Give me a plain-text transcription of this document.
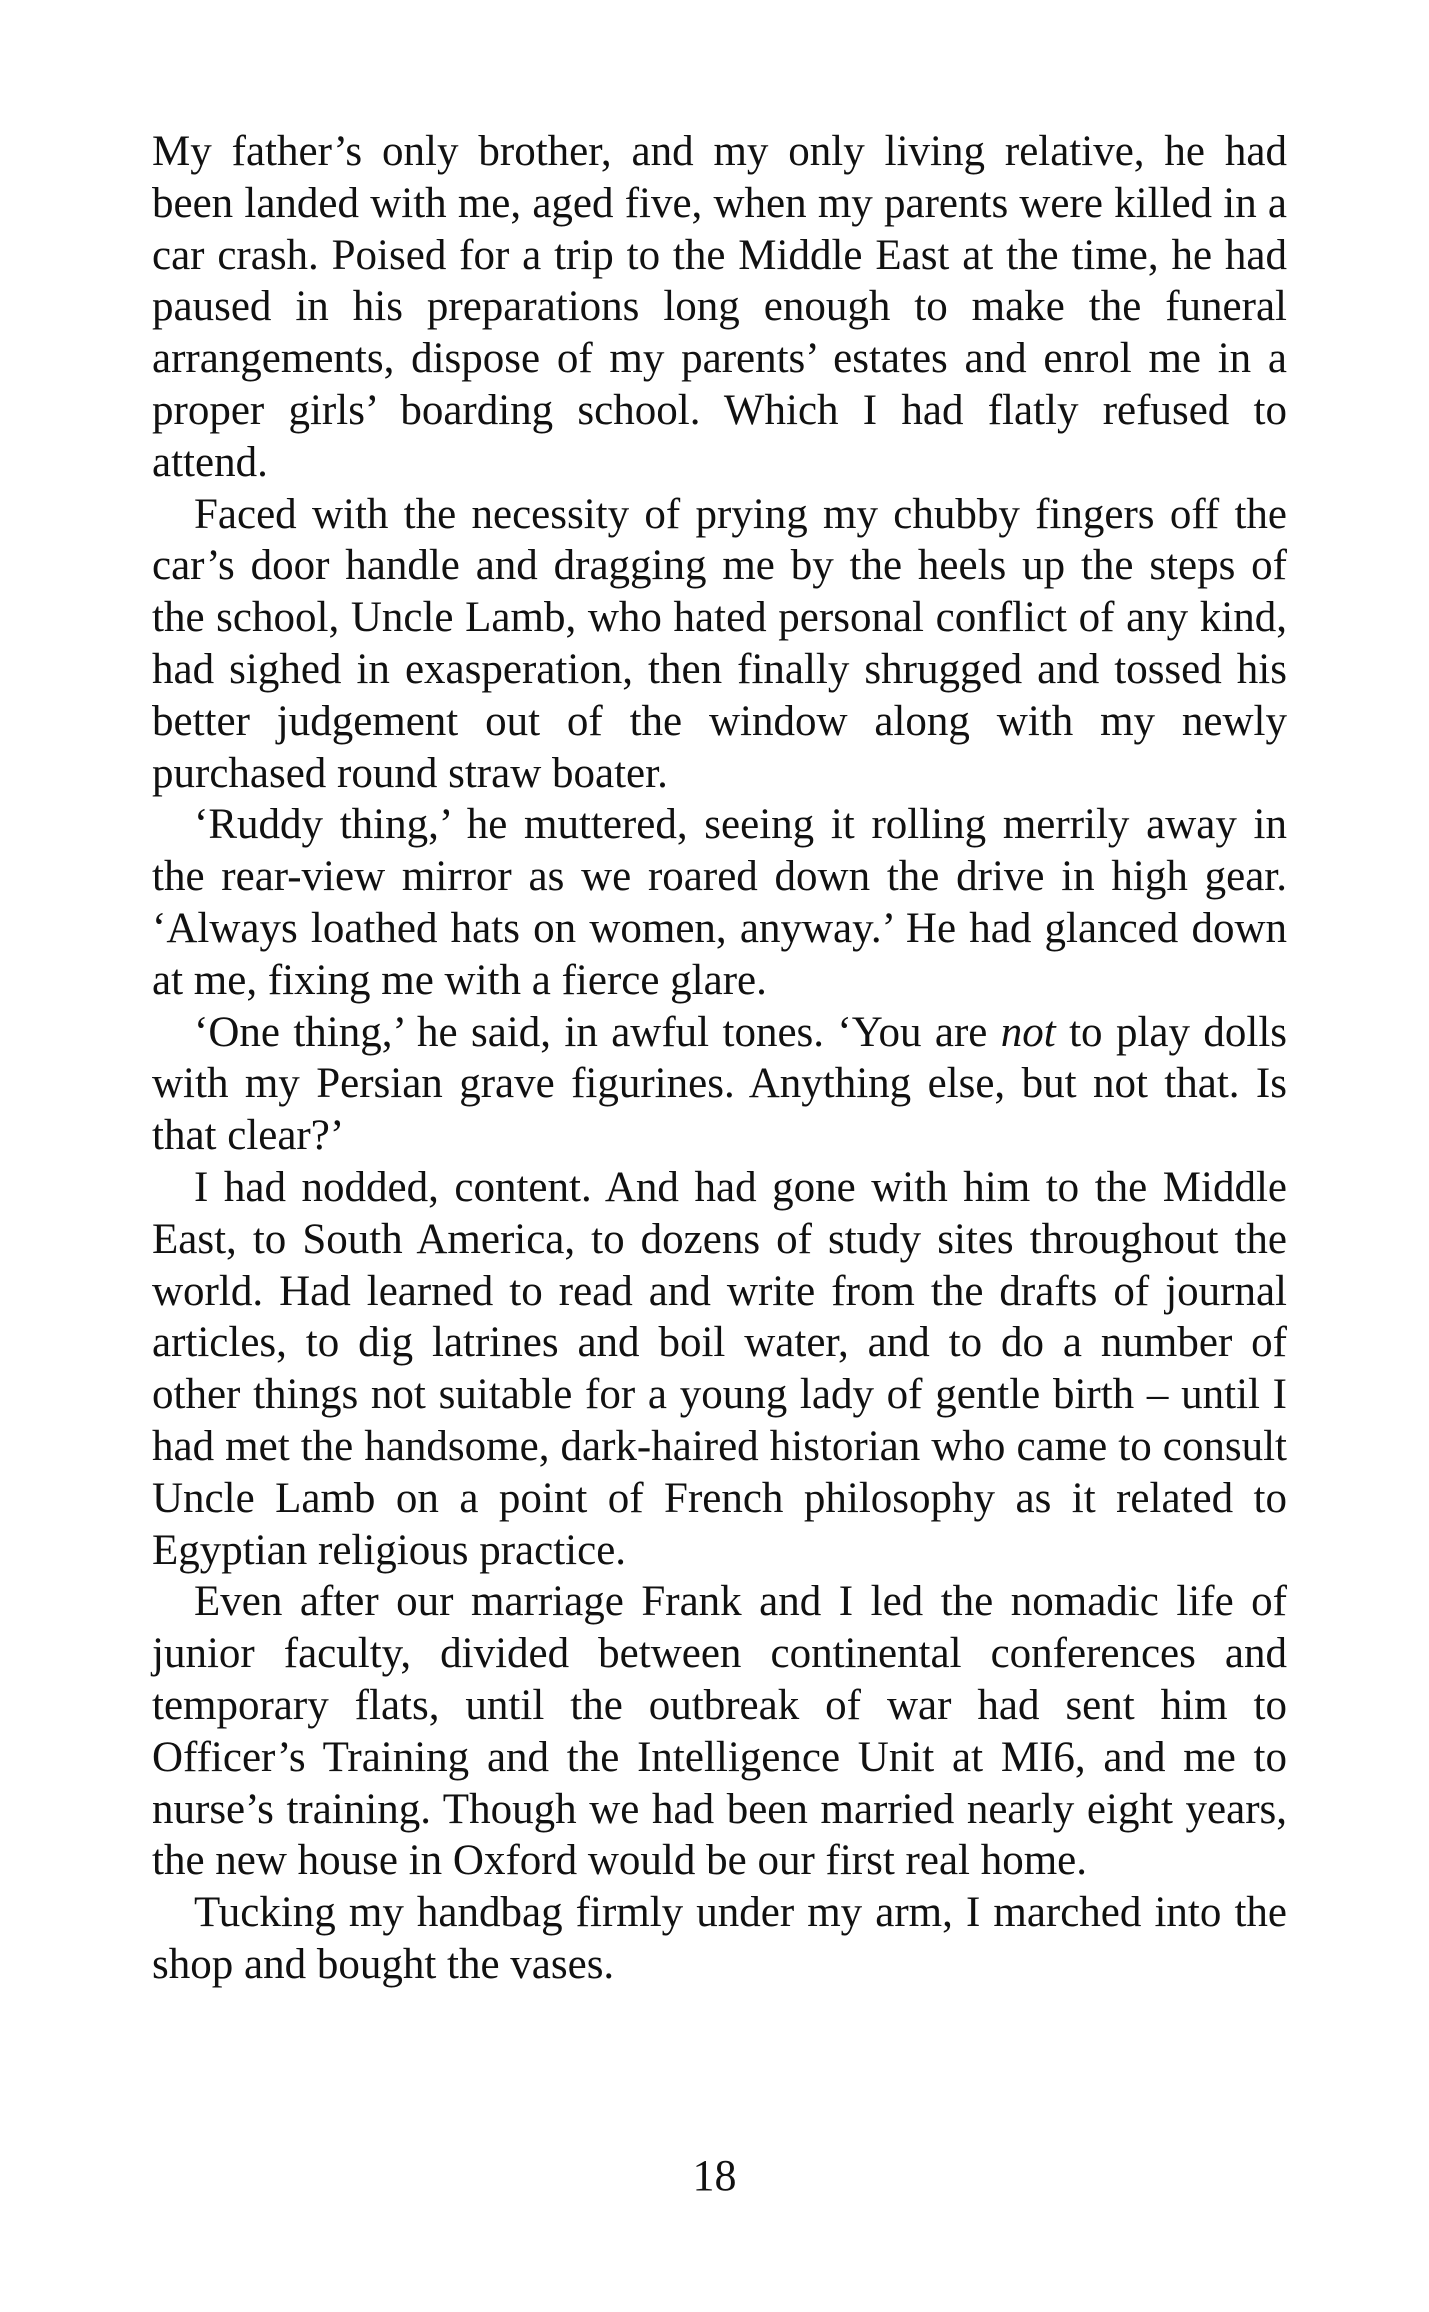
My father’s only brother, and my only living relative, he had been landed with me, aged five, when my parents were killed in a car crash. Poised for a trip to the Middle East at the time, he had paused in his preparations long enough to make the funeral arrangements, dispose of my parents’ estates and enrol me in a proper girls’ boarding school. Which I had flatly refused to attend.

Faced with the necessity of prying my chubby fingers off the car’s door handle and dragging me by the heels up the steps of the school, Uncle Lamb, who hated personal conflict of any kind, had sighed in exasperation, then finally shrugged and tossed his better judgement out of the window along with my newly purchased round straw boater.

‘Ruddy thing,’ he muttered, seeing it rolling merrily away in the rear-view mirror as we roared down the drive in high gear. ‘Always loathed hats on women, anyway.’ He had glanced down at me, fixing me with a fierce glare.

‘One thing,’ he said, in awful tones. ‘You are not to play dolls with my Persian grave figurines. Anything else, but not that. Is that clear?’

I had nodded, content. And had gone with him to the Middle East, to South America, to dozens of study sites throughout the world. Had learned to read and write from the drafts of journal articles, to dig latrines and boil water, and to do a number of other things not suitable for a young lady of gentle birth – until I had met the handsome, dark-haired historian who came to consult Uncle Lamb on a point of French philosophy as it related to Egyptian religious practice.

Even after our marriage Frank and I led the nomadic life of junior faculty, divided between continental conferences and temporary flats, until the outbreak of war had sent him to Officer’s Training and the Intelligence Unit at MI6, and me to nurse’s training. Though we had been married nearly eight years, the new house in Oxford would be our first real home.

Tucking my handbag firmly under my arm, I marched into the shop and bought the vases.

18
